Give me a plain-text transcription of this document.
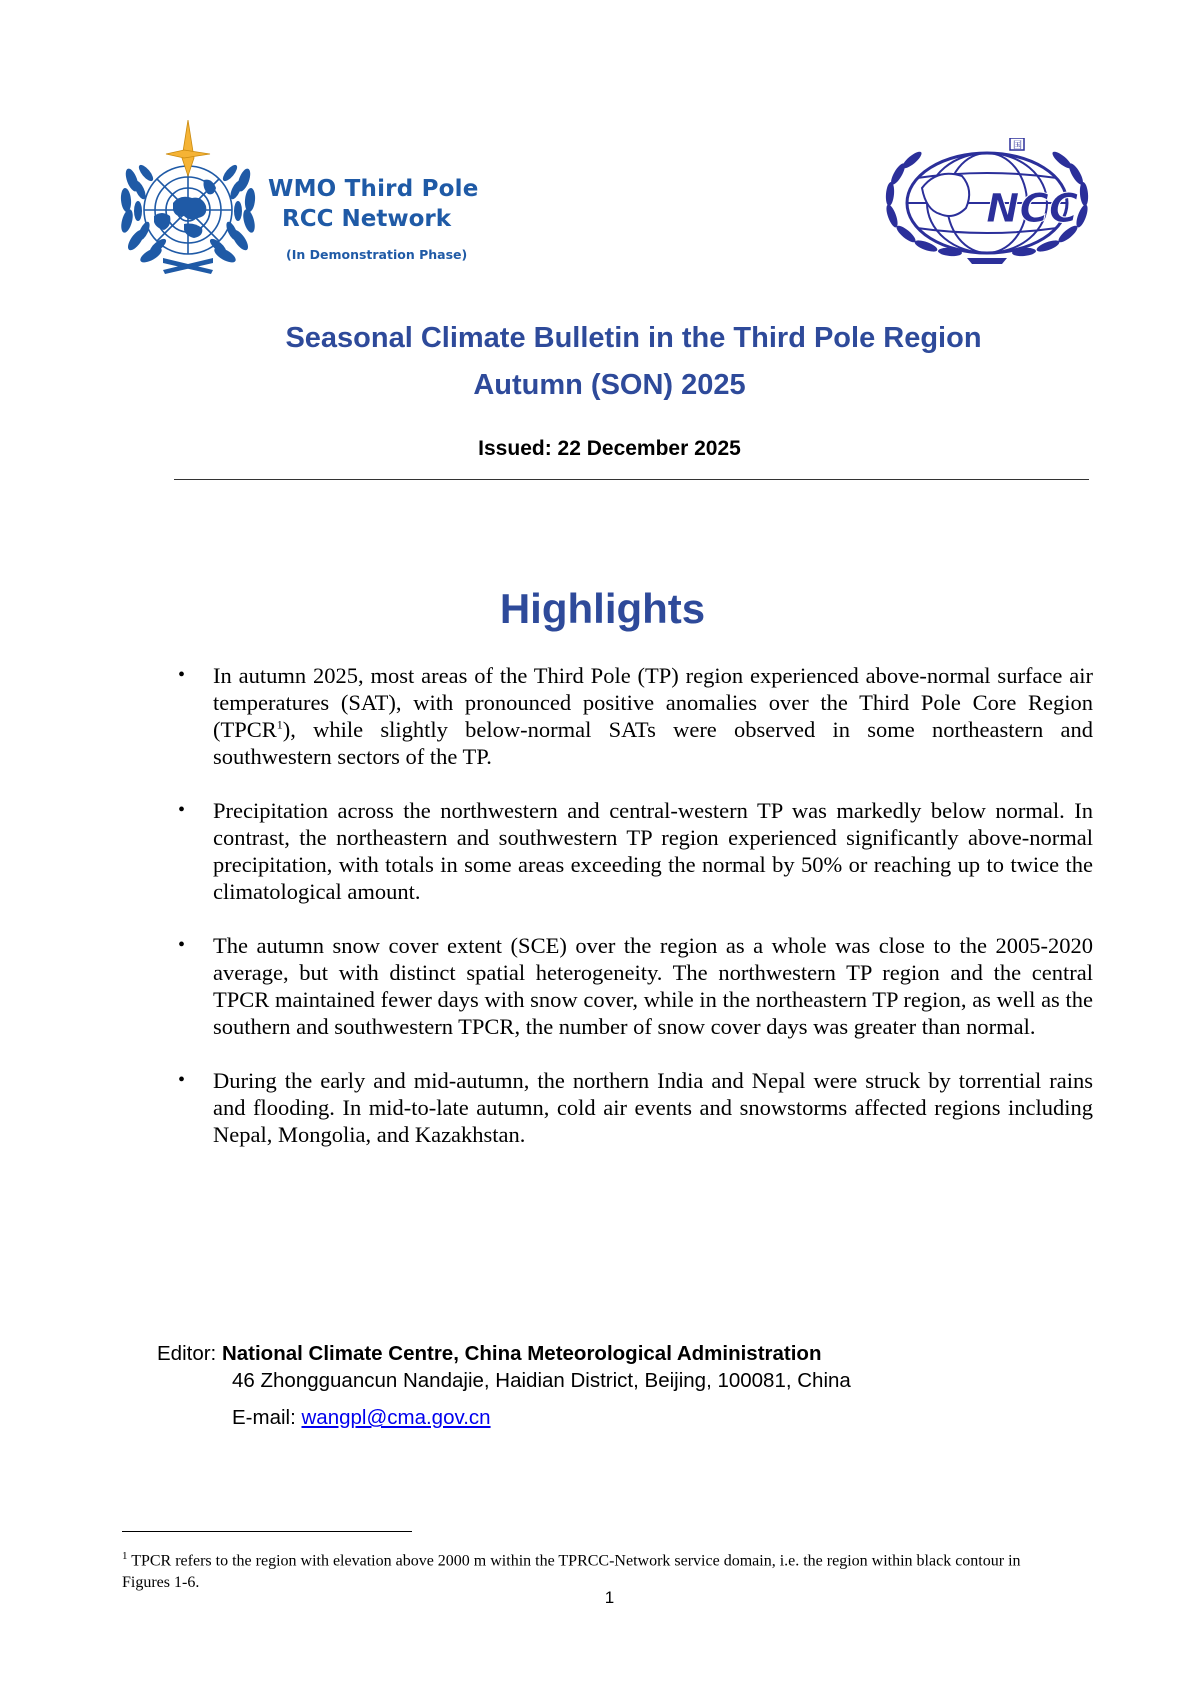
WMO Third Pole
RCC Network
(In Demonstration Phase)
国
NCC
Seasonal Climate Bulletin in the Third Pole Region
Autumn (SON) 2025
Issued: 22 December 2025
Highlights
• In autumn 2025, most areas of the Third Pole (TP) region experienced above-normal surface air temperatures (SAT), with pronounced positive anomalies over the Third Pole Core Region (TPCR$^1$), while slightly below-normal SATs were observed in some northeastern and southwestern sectors of the TP.
• Precipitation across the northwestern and central-western TP was markedly below normal. In contrast, the northeastern and southwestern TP region experienced significantly above-normal precipitation, with totals in some areas exceeding the normal by 50% or reaching up to twice the climatological amount.
• The autumn snow cover extent (SCE) over the region as a whole was close to the 2005-2020 average, but with distinct spatial heterogeneity. The northwestern TP region and the central TPCR maintained fewer days with snow cover, while in the northeastern TP region, as well as the southern and southwestern TPCR, the number of snow cover days was greater than normal.
• During the early and mid-autumn, the northern India and Nepal were struck by torrential rains and flooding. In mid-to-late autumn, cold air events and snowstorms affected regions including Nepal, Mongolia, and Kazakhstan.
Editor: National Climate Centre, China Meteorological Administration
46 Zhongguancun Nandajie, Haidian District, Beijing, 100081, China
E-mail: wangpl@cma.gov.cn
$^1$ TPCR refers to the region with elevation above 2000 m within the TPRCC-Network service domain, i.e. the region within black contour in Figures 1-6.
1
